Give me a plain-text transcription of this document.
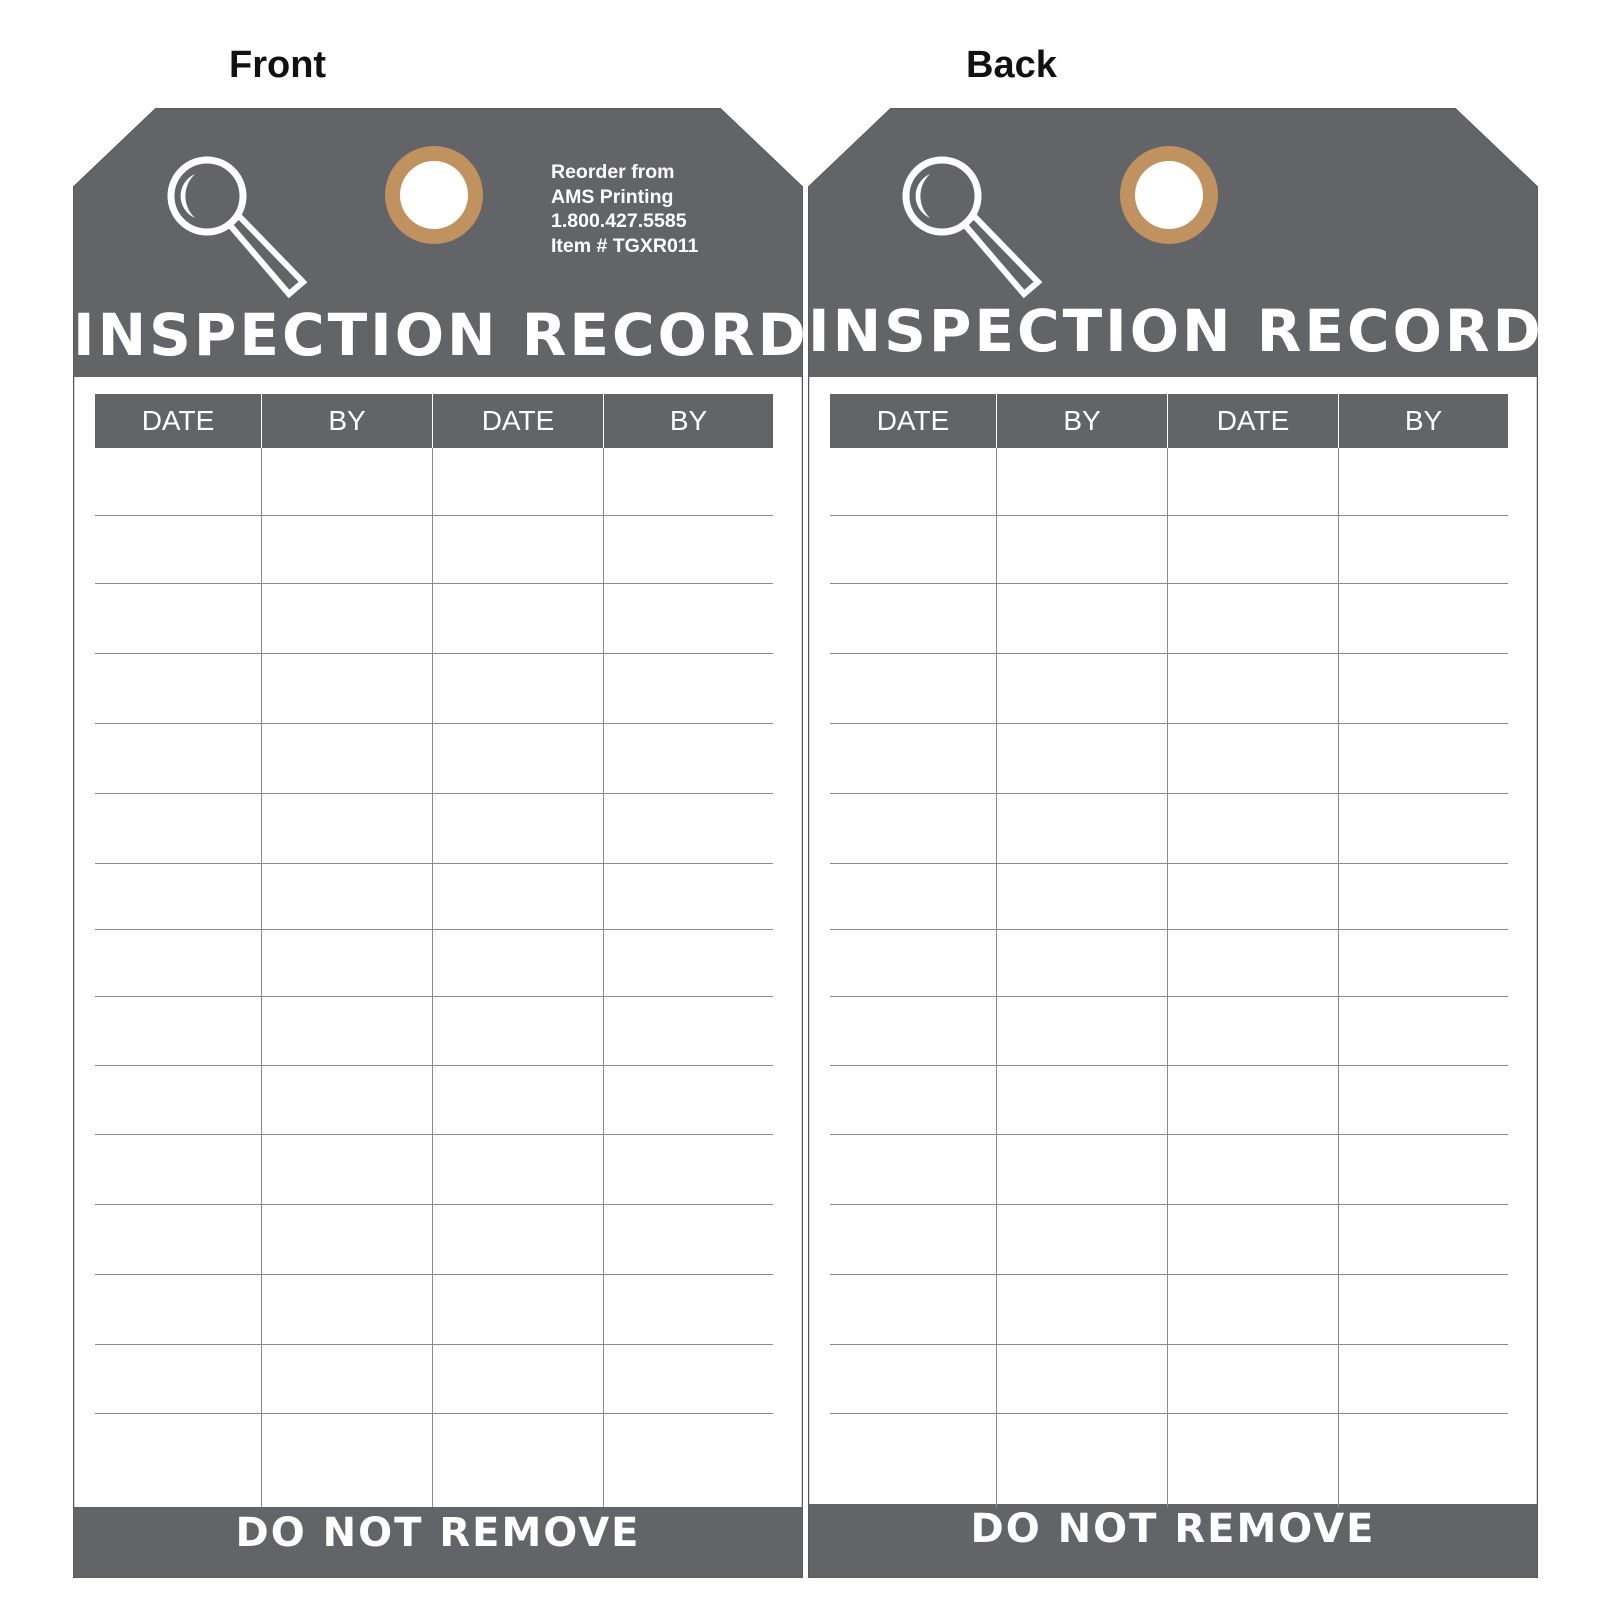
Front	Back
Reorder from
AMS Printing
1.800.427.5585
Item # TGXR011
INSPECTION RECORD
DATE	BY	DATE	BY
DO NOT REMOVE
INSPECTION RECORD
DATE	BY	DATE	BY
DO NOT REMOVE
